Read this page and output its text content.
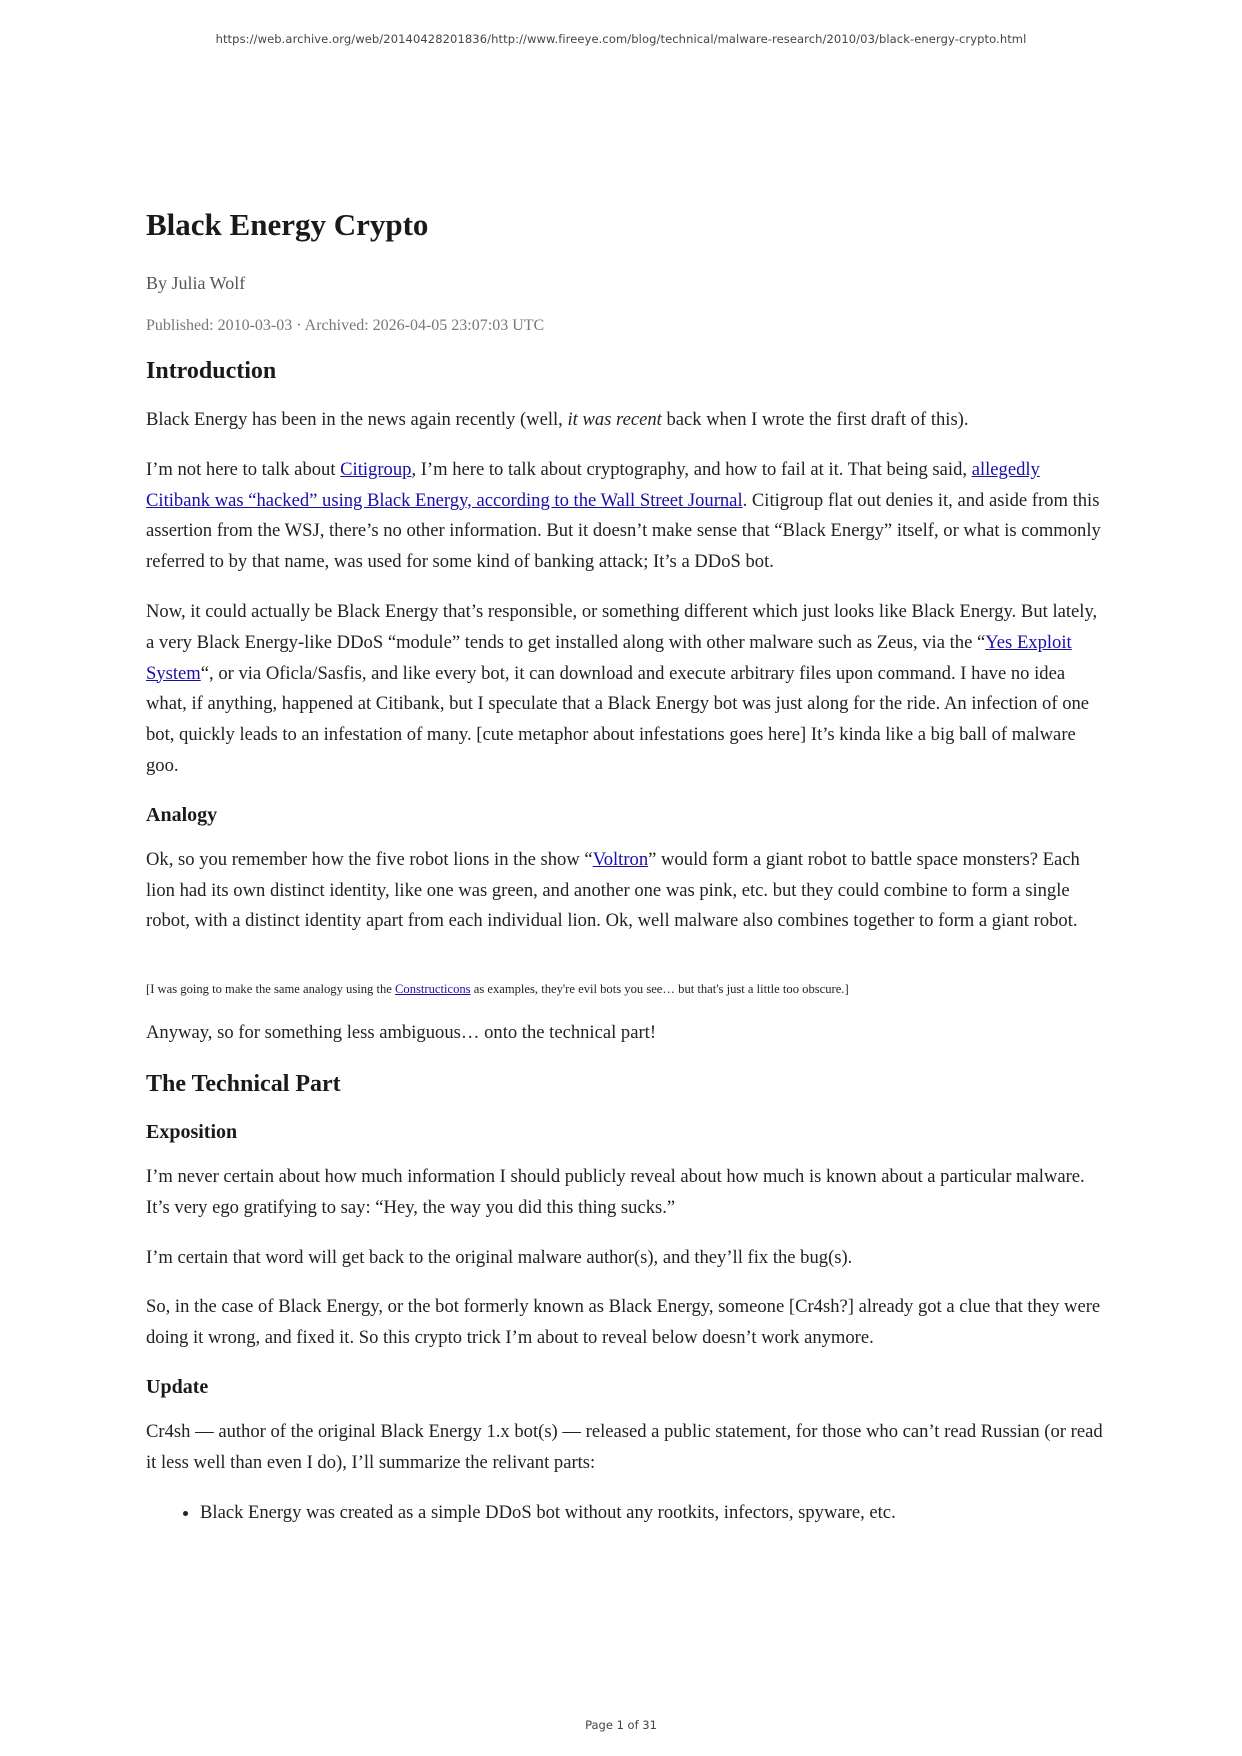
https://web.archive.org/web/20140428201836/http://www.fireeye.com/blog/technical/malware-research/2010/03/black-energy-crypto.html
Black Energy Crypto
By Julia Wolf
Published: 2010-03-03 · Archived: 2026-04-05 23:07:03 UTC
Introduction

Black Energy has been in the news again recently (well, it was recent back when I wrote the first draft of this).

I’m not here to talk about Citigroup, I’m here to talk about cryptography, and how to fail at it. That being said, allegedly Citibank was “hacked” using Black Energy, according to the Wall Street Journal. Citigroup flat out denies it, and aside from this assertion from the WSJ, there’s no other information. But it doesn’t make sense that “Black Energy” itself, or what is commonly referred to by that name, was used for some kind of banking attack; It’s a DDoS bot.

Now, it could actually be Black Energy that’s responsible, or something different which just looks like Black Energy. But lately, a very Black Energy-like DDoS “module” tends to get installed along with other malware such as Zeus, via the “Yes Exploit System“, or via Oficla/Sasfis, and like every bot, it can download and execute arbitrary files upon command. I have no idea what, if anything, happened at Citibank, but I speculate that a Black Energy bot was just along for the ride. An infection of one bot, quickly leads to an infestation of many. [cute metaphor about infestations goes here] It’s kinda like a big ball of malware goo.

Analogy

Ok, so you remember how the five robot lions in the show “Voltron” would form a giant robot to battle space monsters? Each lion had its own distinct identity, like one was green, and another one was pink, etc. but they could combine to form a single robot, with a distinct identity apart from each individual lion. Ok, well malware also combines together to form a giant robot.

[I was going to make the same analogy using the Constructicons as examples, they're evil bots you see… but that's just a little too obscure.]

Anyway, so for something less ambiguous… onto the technical part!

The Technical Part
Exposition

I’m never certain about how much information I should publicly reveal about how much is known about a particular malware. It’s very ego gratifying to say: “Hey, the way you did this thing sucks.”

I’m certain that word will get back to the original malware author(s), and they’ll fix the bug(s).

So, in the case of Black Energy, or the bot formerly known as Black Energy, someone [Cr4sh?] already got a clue that they were doing it wrong, and fixed it. So this crypto trick I’m about to reveal below doesn’t work anymore.

Update

Cr4sh — author of the original Black Energy 1.x bot(s) — released a public statement, for those who can’t read Russian (or read it less well than even I do), I’ll summarize the relivant parts:

• Black Energy was created as a simple DDoS bot without any rootkits, infectors, spyware, etc.
Page 1 of 31
